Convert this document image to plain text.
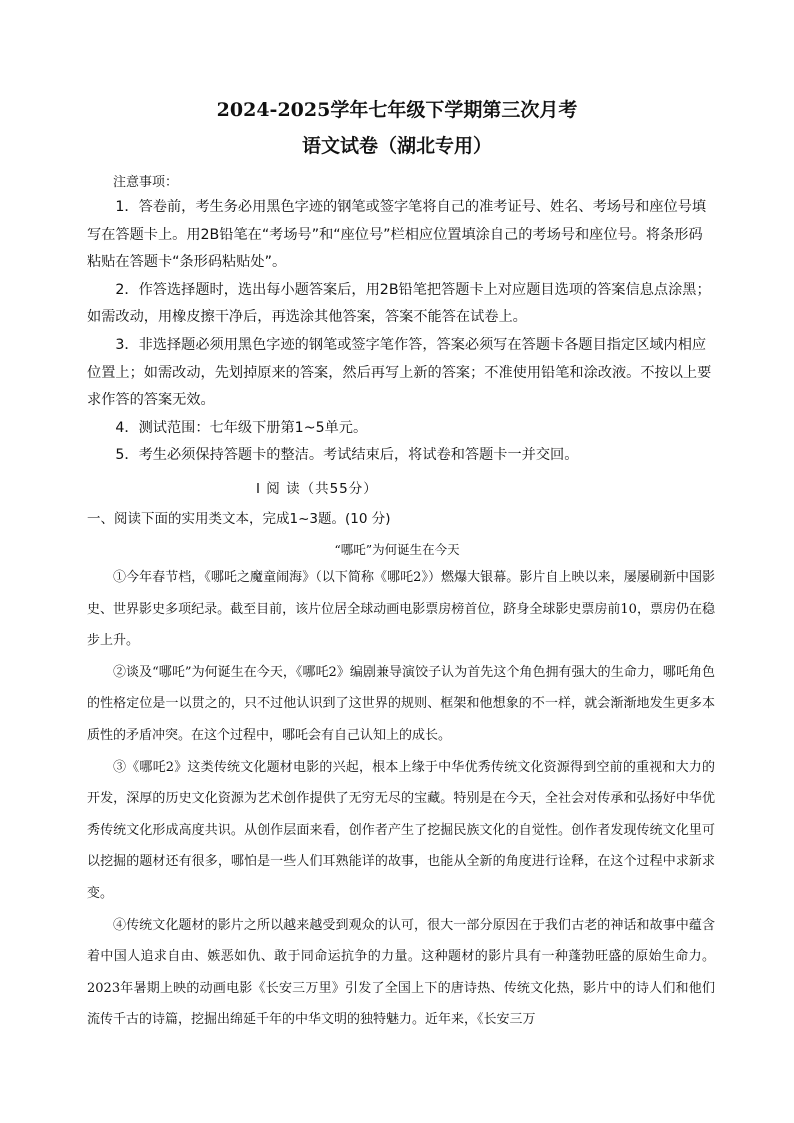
2024-2025学年七年级下学期第三次月考
语文试卷（湖北专用）

注意事项：

1．答卷前，考生务必用黑色字迹的钢笔或签字笔将自己的准考证号、姓名、考场号和座位号填写在答题卡上。用2B铅笔在“考场号”和“座位号”栏相应位置填涂自己的考场号和座位号。将条形码粘贴在答题卡“条形码粘贴处”。

2．作答选择题时，选出每小题答案后，用2B铅笔把答题卡上对应题目选项的答案信息点涂黑；如需改动，用橡皮擦干净后，再选涂其他答案，答案不能答在试卷上。

3．非选择题必须用黑色字迹的钢笔或签字笔作答，答案必须写在答题卡各题目指定区域内相应位置上；如需改动，先划掉原来的答案，然后再写上新的答案；不准使用铅笔和涂改液。不按以上要求作答的答案无效。

4．测试范围：七年级下册第1~5单元。

5．考生必须保持答题卡的整洁。考试结束后，将试卷和答题卡一并交回。

I 阅 读（共55分）
一、阅读下面的实用类文本，完成1~3题。(10 分)
“哪吒”为何诞生在今天

①今年春节档，《哪吒之魔童闹海》（以下简称《哪吒2》）燃爆大银幕。影片自上映以来，屡屡刷新中国影史、世界影史多项纪录。截至目前，该片位居全球动画电影票房榜首位，跻身全球影史票房前10，票房仍在稳步上升。

②谈及“哪吒”为何诞生在今天，《哪吒2》编剧兼导演饺子认为首先这个角色拥有强大的生命力，哪吒角色的性格定位是一以贯之的，只不过他认识到了这世界的规则、框架和他想象的不一样，就会渐渐地发生更多本质性的矛盾冲突。在这个过程中，哪吒会有自己认知上的成长。

③《哪吒2》这类传统文化题材电影的兴起，根本上缘于中华优秀传统文化资源得到空前的重视和大力的开发，深厚的历史文化资源为艺术创作提供了无穷无尽的宝藏。特别是在今天，全社会对传承和弘扬好中华优秀传统文化形成高度共识。从创作层面来看，创作者产生了挖掘民族文化的自觉性。创作者发现传统文化里可以挖掘的题材还有很多，哪怕是一些人们耳熟能详的故事，也能从全新的角度进行诠释，在这个过程中求新求变。

④传统文化题材的影片之所以越来越受到观众的认可，很大一部分原因在于我们古老的神话和故事中蕴含着中国人追求自由、嫉恶如仇、敢于同命运抗争的力量。这种题材的影片具有一种蓬勃旺盛的原始生命力。2023年暑期上映的动画电影《长安三万里》引发了全国上下的唐诗热、传统文化热，影片中的诗人们和他们流传千古的诗篇，挖掘出绵延千年的中华文明的独特魅力。近年来，《长安三万
